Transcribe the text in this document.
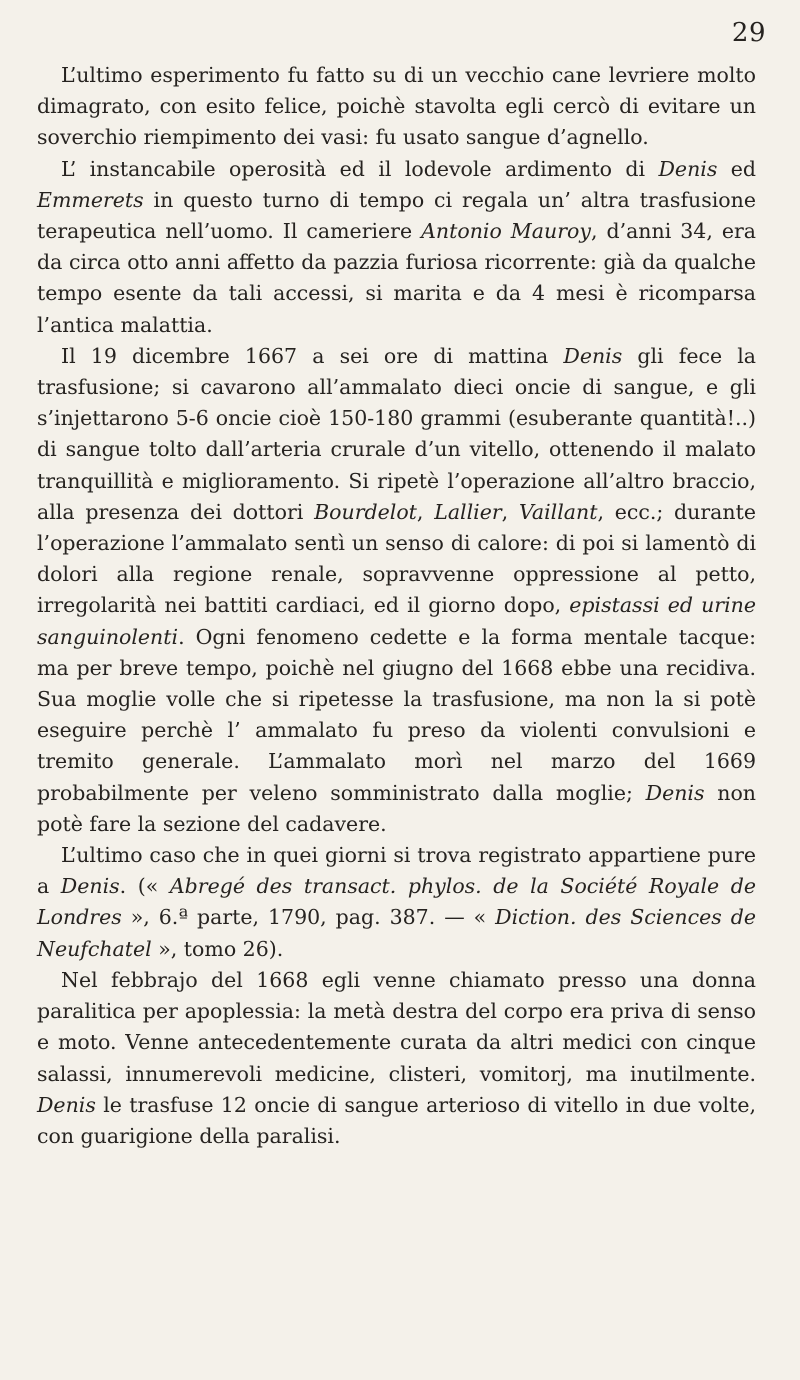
29

L’ultimo esperimento fu fatto su di un vecchio cane levriere molto dimagrato, con esito felice, poichè stavolta egli cercò di evitare un soverchio riempimento dei vasi: fu usato sangue d’agnello.

L’ instancabile operosità ed il lodevole ardimento di Denis ed Emmerets in questo turno di tempo ci regala un’ altra trasfusione terapeutica nell’uomo. Il cameriere Antonio Mauroy, d’anni 34, era da circa otto anni affetto da pazzia furiosa ricorrente: già da qualche tempo esente da tali accessi, si marita e da 4 mesi è ricomparsa l’antica malattia.

Il 19 dicembre 1667 a sei ore di mattina Denis gli fece la trasfusione; si cavarono all’ammalato dieci oncie di sangue, e gli s’injettarono 5-6 oncie cioè 150-180 grammi (esuberante quantità!..) di sangue tolto dall’arteria crurale d’un vitello, ottenendo il malato tranquillità e miglioramento. Si ripetè l’operazione all’altro braccio, alla presenza dei dottori Bourdelot, Lallier, Vaillant, ecc.; durante l’operazione l’ammalato sentì un senso di calore: di poi si lamentò di dolori alla regione renale, sopravvenne oppressione al petto, irregolarità nei battiti cardiaci, ed il giorno dopo, epistassi ed urine sanguinolenti. Ogni fenomeno cedette e la forma mentale tacque: ma per breve tempo, poichè nel giugno del 1668 ebbe una recidiva. Sua moglie volle che si ripetesse la trasfusione, ma non la si potè eseguire perchè l’ ammalato fu preso da violenti convulsioni e tremito generale. L’ammalato morì nel marzo del 1669 probabilmente per veleno somministrato dalla moglie; Denis non potè fare la sezione del cadavere.

L’ultimo caso che in quei giorni si trova registrato appartiene pure a Denis. (« Abregé des transact. phylos. de la Société Royale de Londres », 6.ª parte, 1790, pag. 387. — « Diction. des Sciences de Neufchatel », tomo 26).

Nel febbrajo del 1668 egli venne chiamato presso una donna paralitica per apoplessia: la metà destra del corpo era priva di senso e moto. Venne antecedentemente curata da altri medici con cinque salassi, innumerevoli medicine, clisteri, vomitorj, ma inutilmente. Denis le trasfuse 12 oncie di sangue arterioso di vitello in due volte, con guarigione della paralisi.
